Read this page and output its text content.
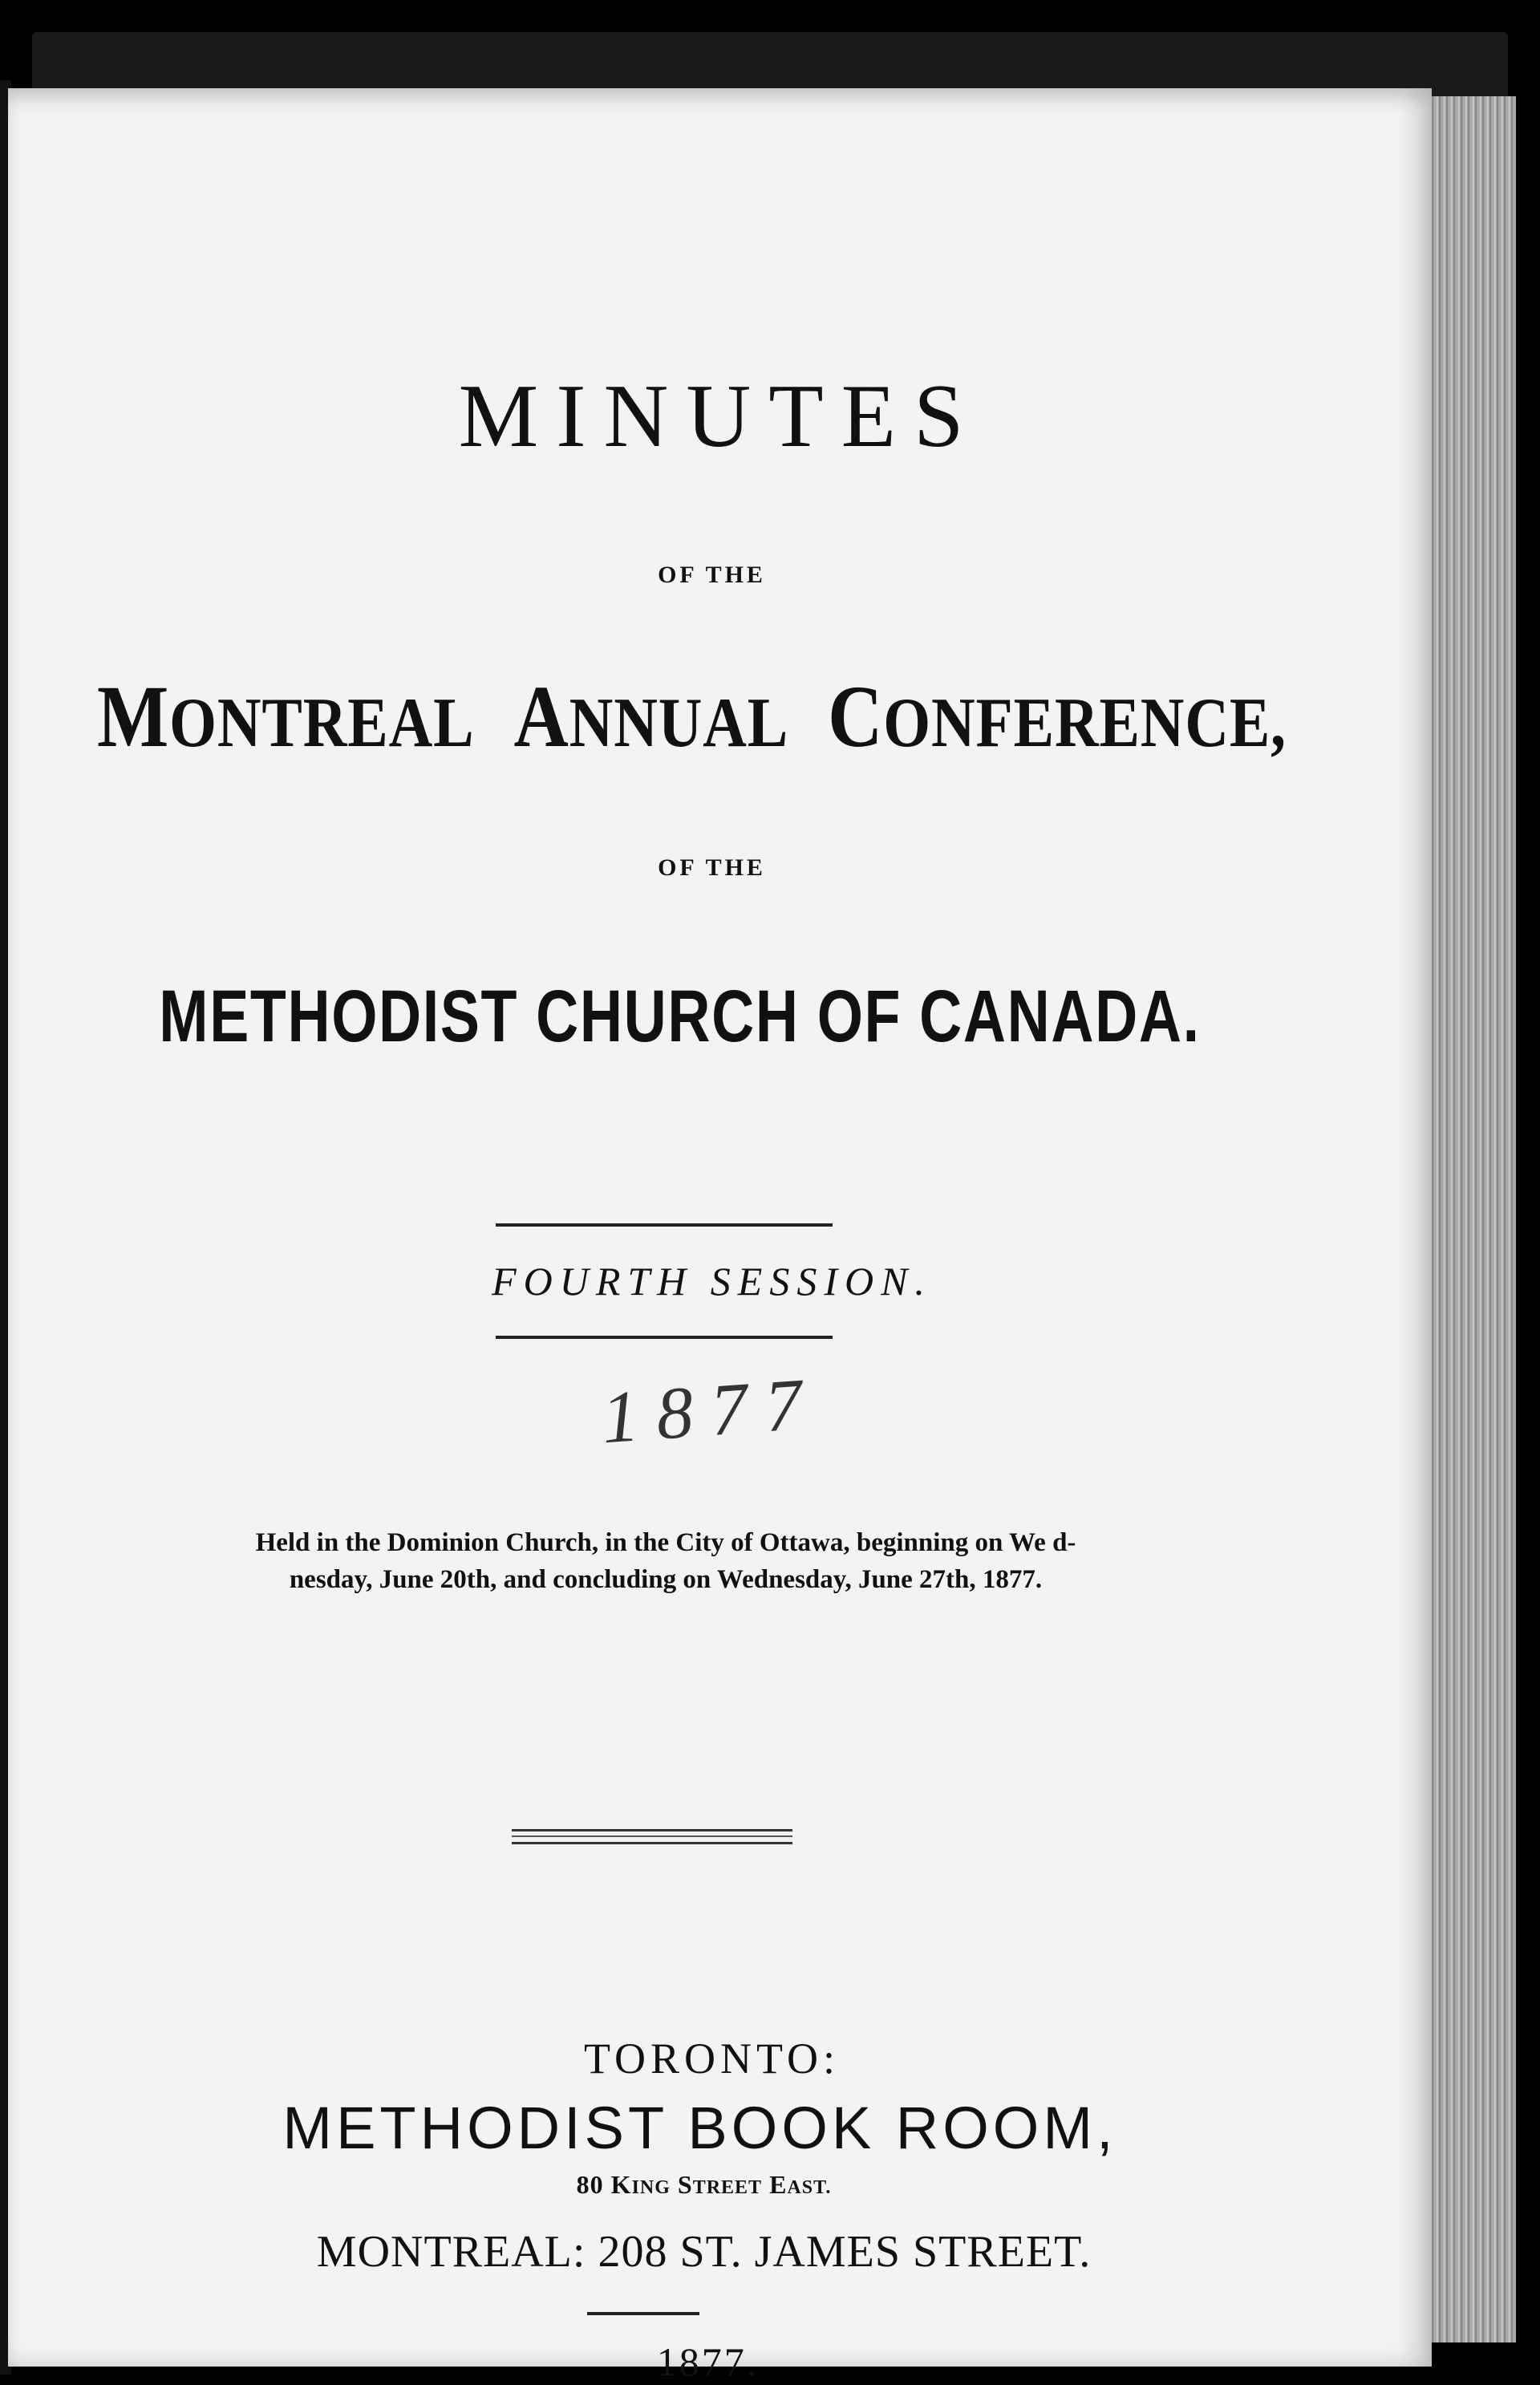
MINUTES
OF THE
MONTREAL ANNUAL CONFERENCE,
OF THE
METHODIST CHURCH OF CANADA.
FOURTH SESSION.
1877
Held in the Dominion Church, in the City of Ottawa, beginning on We d-
nesday, June 20th, and concluding on Wednesday, June 27th, 1877.
TORONTO:
METHODIST BOOK ROOM,
80 KING STREET EAST.
MONTREAL: 208 ST. JAMES STREET.
1877.
